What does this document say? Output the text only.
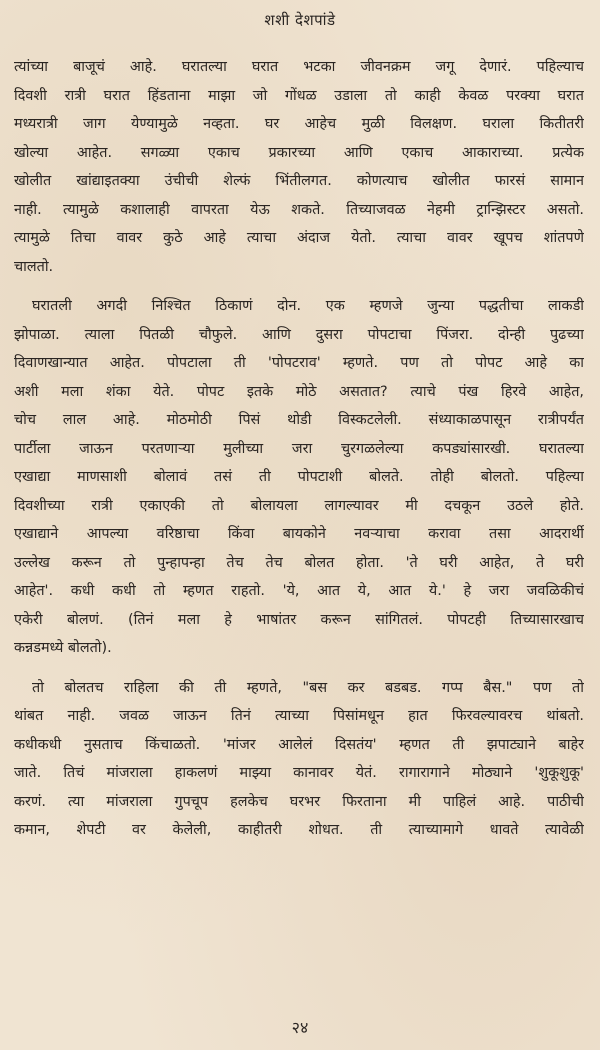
शशी देशपांडे
त्यांच्या बाजूचं आहे. घरातल्या घरात भटका जीवनक्रम जगू देणारं. पहिल्याच
दिवशी रात्री घरात हिंडताना माझा जो गोंधळ उडाला तो काही केवळ परक्या घरात
मध्यरात्री जाग येण्यामुळे नव्हता. घर आहेच मुळी विलक्षण. घराला कितीतरी
खोल्या आहेत. सगळ्या एकाच प्रकारच्या आणि एकाच आकाराच्या. प्रत्येक
खोलीत खांद्याइतक्या उंचीची शेल्फं भिंतीलगत. कोणत्याच खोलीत फारसं सामान
नाही. त्यामुळे कशालाही वापरता येऊ शकते. तिच्याजवळ नेहमी ट्रान्झिस्टर असतो.
त्यामुळे तिचा वावर कुठे आहे त्याचा अंदाज येतो. त्याचा वावर खूपच शांतपणे
चालतो.
घरातली अगदी निश्चित ठिकाणं दोन. एक म्हणजे जुन्या पद्धतीचा लाकडी
झोपाळा. त्याला पितळी चौफुले. आणि दुसरा पोपटाचा पिंजरा. दोन्ही पुढच्या
दिवाणखान्यात आहेत. पोपटाला ती 'पोपटराव' म्हणते. पण तो पोपट आहे का
अशी मला शंका येते. पोपट इतके मोठे असतात? त्याचे पंख हिरवे आहेत,
चोच लाल आहे. मोठमोठी पिसं थोडी विस्कटलेली. संध्याकाळपासून रात्रीपर्यंत
पार्टीला जाऊन परतणाऱ्या मुलीच्या जरा चुरगळलेल्या कपड्यांसारखी. घरातल्या
एखाद्या माणसाशी बोलावं तसं ती पोपटाशी बोलते. तोही बोलतो. पहिल्या
दिवशीच्या रात्री एकाएकी तो बोलायला लागल्यावर मी दचकून उठले होते.
एखाद्याने आपल्या वरिष्ठाचा किंवा बायकोने नवऱ्याचा करावा तसा आदरार्थी
उल्लेख करून तो पुन्हापन्हा तेच तेच बोलत होता. 'ते घरी आहेत, ते घरी
आहेत'. कधी कधी तो म्हणत राहतो. 'ये, आत ये, आत ये.' हे जरा जवळिकीचं
एकेरी बोलणं. (तिनं मला हे भाषांतर करून सांगितलं. पोपटही तिच्यासारखाच
कन्नडमध्ये बोलतो).
तो बोलतच राहिला की ती म्हणते, "बस कर बडबड. गप्प बैस." पण तो
थांबत नाही. जवळ जाऊन तिनं त्याच्या पिसांमधून हात फिरवल्यावरच थांबतो.
कधीकधी नुसताच किंचाळतो. 'मांजर आलेलं दिसतंय' म्हणत ती झपाट्याने बाहेर
जाते. तिचं मांजराला हाकलणं माझ्या कानावर येतं. रागारागाने मोठ्याने 'शुकूशुकू'
करणं. त्या मांजराला गुपचूप हलकेच घरभर फिरताना मी पाहिलं आहे. पाठीची
कमान, शेपटी वर केलेली, काहीतरी शोधत. ती त्याच्यामागे धावते त्यावेळी
२४
